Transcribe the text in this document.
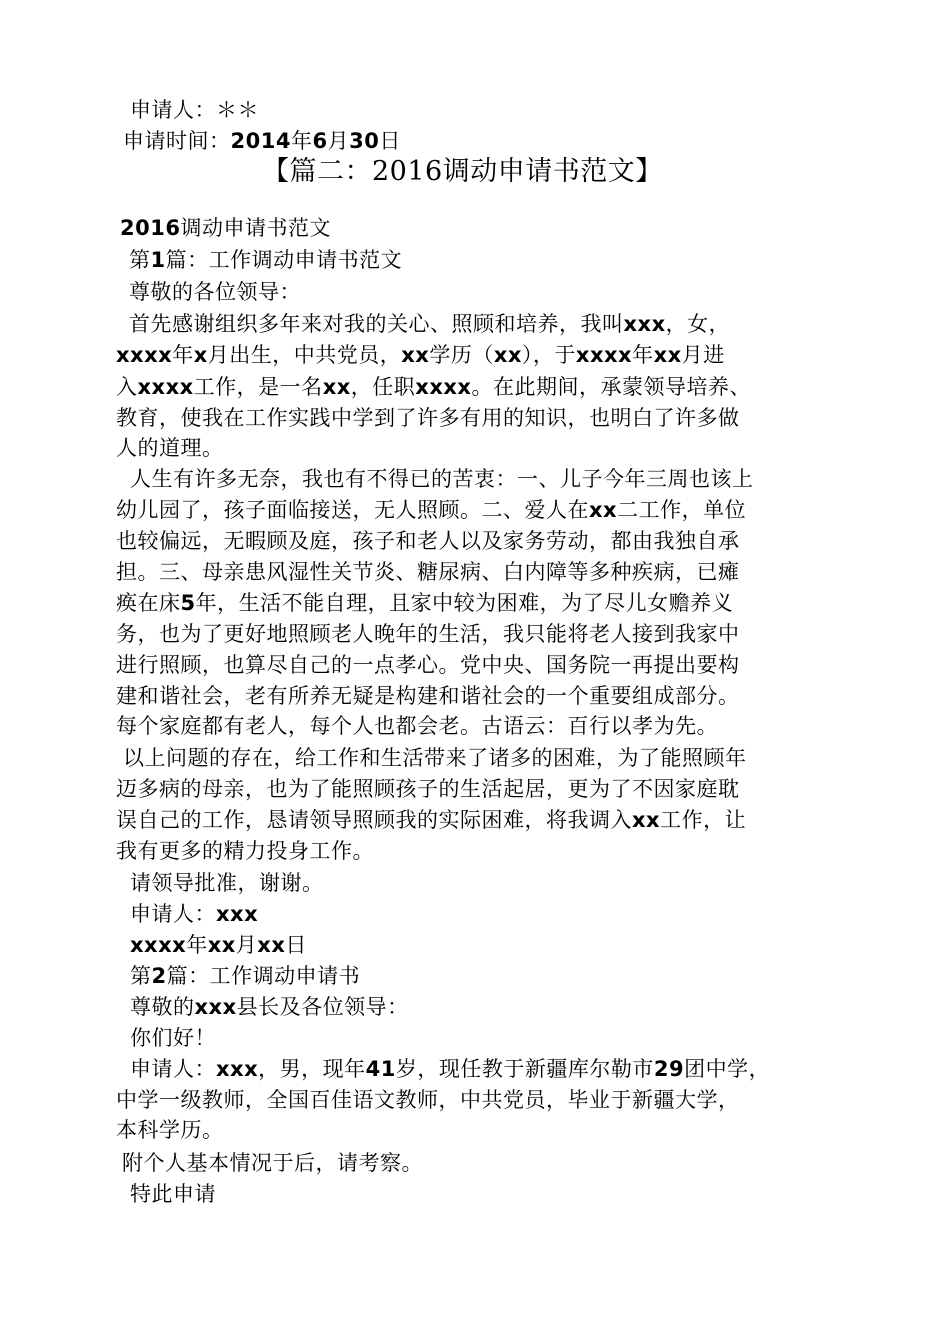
申请人：＊＊
申请时间：2014年6月30日
【篇二：2016调动申请书范文】
2016调动申请书范文
第1篇：工作调动申请书范文
尊敬的各位领导：
首先感谢组织多年来对我的关心、照顾和培养，我叫xxx，女，
xxxx年x月出生，中共党员，xx学历（xx），于xxxx年xx月进
入xxxx工作，是一名xx，任职xxxx。在此期间，承蒙领导培养、
教育，使我在工作实践中学到了许多有用的知识，也明白了许多做
人的道理。
人生有许多无奈，我也有不得已的苦衷：一、儿子今年三周也该上
幼儿园了，孩子面临接送，无人照顾。二、爱人在xx二工作，单位
也较偏远，无暇顾及庭，孩子和老人以及家务劳动，都由我独自承
担。三、母亲患风湿性关节炎、糖尿病、白内障等多种疾病，已瘫
痪在床5年，生活不能自理，且家中较为困难，为了尽儿女赡养义
务，也为了更好地照顾老人晚年的生活，我只能将老人接到我家中
进行照顾，也算尽自己的一点孝心。党中央、国务院一再提出要构
建和谐社会，老有所养无疑是构建和谐社会的一个重要组成部分。
每个家庭都有老人，每个人也都会老。古语云：百行以孝为先。
以上问题的存在，给工作和生活带来了诸多的困难，为了能照顾年
迈多病的母亲，也为了能照顾孩子的生活起居，更为了不因家庭耽
误自己的工作，恳请领导照顾我的实际困难，将我调入xx工作，让
我有更多的精力投身工作。
请领导批准，谢谢。
申请人：xxx
xxxx年xx月xx日
第2篇：工作调动申请书
尊敬的xxx县长及各位领导：
你们好！
申请人：xxx，男，现年41岁，现任教于新疆库尔勒市29团中学，
中学一级教师，全国百佳语文教师，中共党员，毕业于新疆大学，
本科学历。
附个人基本情况于后，请考察。
特此申请
